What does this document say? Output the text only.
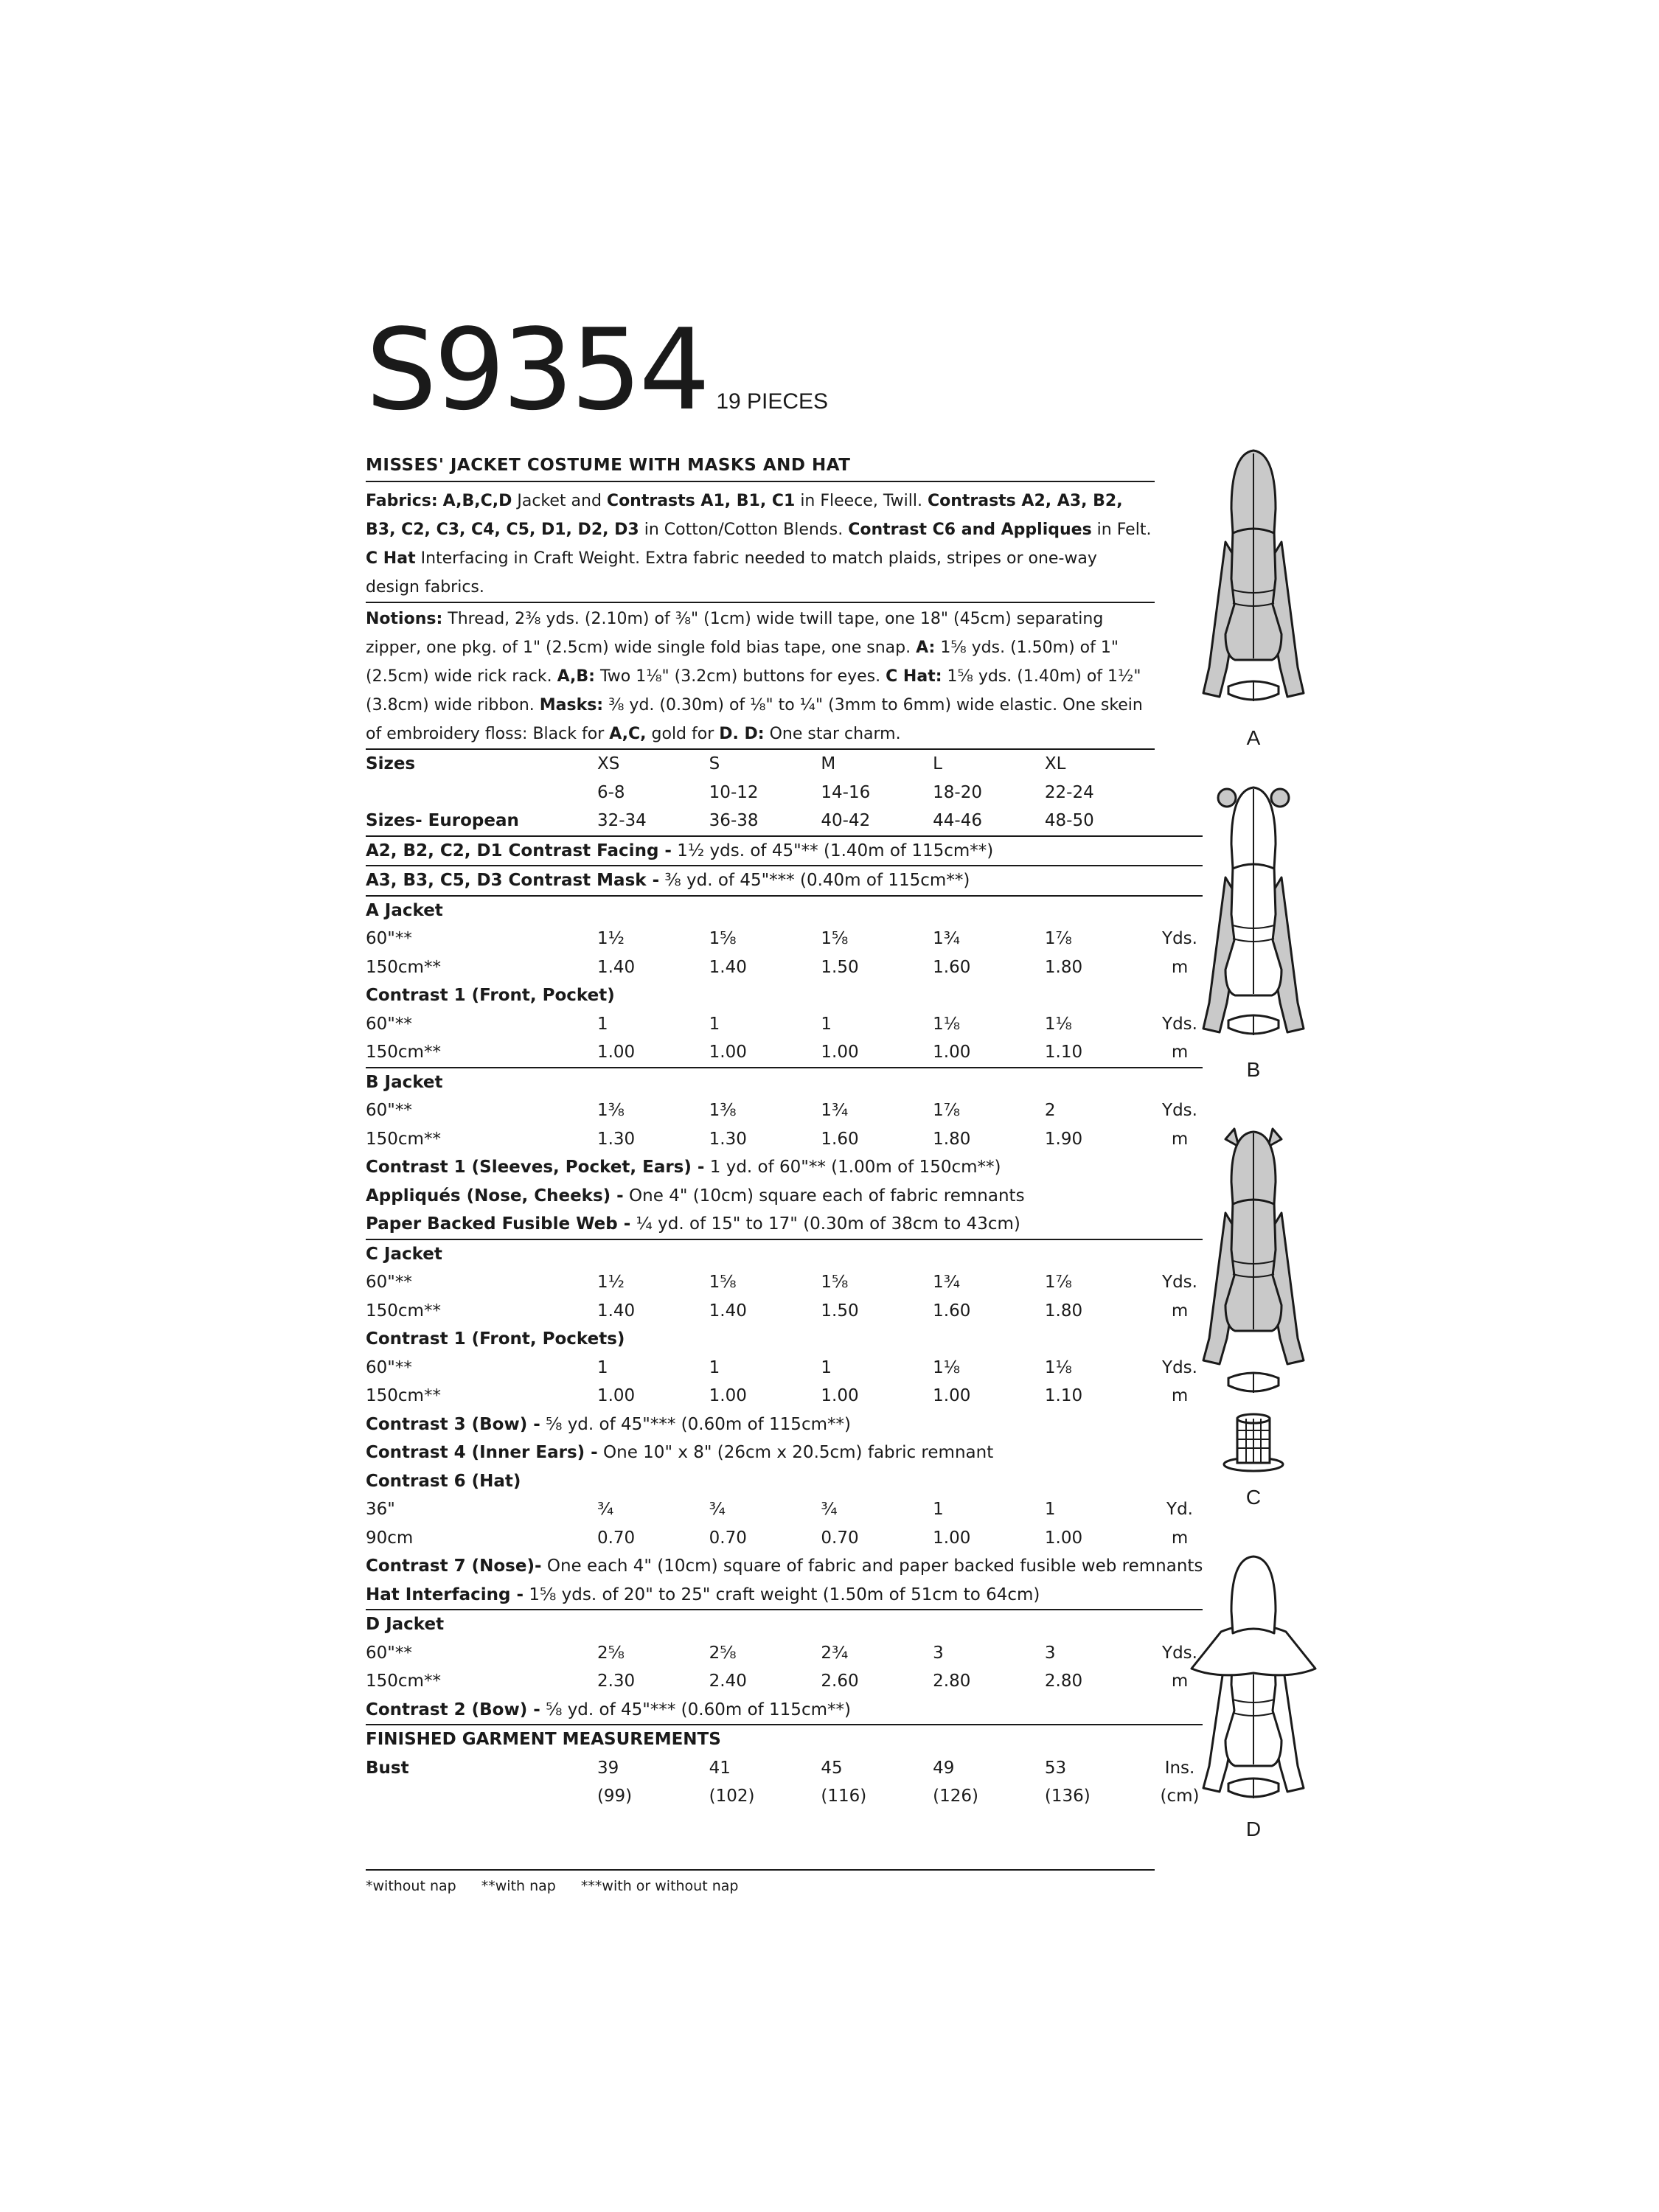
S9354 19 PIECES
MISSES' JACKET COSTUME WITH MASKS AND HAT
Fabrics: A,B,C,D Jacket and Contrasts A1, B1, C1 in Fleece, Twill. Contrasts A2, A3, B2, B3, C2, C3, C4, C5, D1, D2, D3 in Cotton/Cotton Blends. Contrast C6 and Appliques in Felt. C Hat Interfacing in Craft Weight. Extra fabric needed to match plaids, stripes or one-way design fabrics.
Notions: Thread, 2⅜ yds. (2.10m) of ⅜" (1cm) wide twill tape, one 18" (45cm) separating zipper, one pkg. of 1" (2.5cm) wide single fold bias tape, one snap. A: 1⅝ yds. (1.50m) of 1" (2.5cm) wide rick rack. A,B: Two 1⅛" (3.2cm) buttons for eyes. C Hat: 1⅝ yds. (1.40m) of 1½" (3.8cm) wide ribbon. Masks: ⅜ yd. (0.30m) of ⅛" to ¼" (3mm to 6mm) wide elastic. One skein of embroidery floss: Black for A,C, gold for D. D: One star charm.
Sizes	XS	S	M	L	XL	
	6-8	10-12	14-16	18-20	22-24	
Sizes- European	32-34	36-38	40-42	44-46	48-50	
A2, B2, C2, D1 Contrast Facing - 1½ yds. of 45"** (1.40m of 115cm**)						
A3, B3, C5, D3 Contrast Mask - ⅜ yd. of 45"*** (0.40m of 115cm**)						
A Jacket						
60"**	1½	1⅝	1⅝	1¾	1⅞	Yds.
150cm**	1.40	1.40	1.50	1.60	1.80	m
Contrast 1 (Front, Pocket)						
60"**	1	1	1	1⅛	1⅛	Yds.
150cm**	1.00	1.00	1.00	1.00	1.10	m
B Jacket						
60"**	1⅜	1⅜	1¾	1⅞	2	Yds.
150cm**	1.30	1.30	1.60	1.80	1.90	m
Contrast 1 (Sleeves, Pocket, Ears) - 1 yd. of 60"** (1.00m of 150cm**)						
Appliqués (Nose, Cheeks) - One 4" (10cm) square each of fabric remnants						
Paper Backed Fusible Web - ¼ yd. of 15" to 17" (0.30m of 38cm to 43cm)						
C Jacket						
60"**	1½	1⅝	1⅝	1¾	1⅞	Yds.
150cm**	1.40	1.40	1.50	1.60	1.80	m
Contrast 1 (Front, Pockets)						
60"**	1	1	1	1⅛	1⅛	Yds.
150cm**	1.00	1.00	1.00	1.00	1.10	m
Contrast 3 (Bow) - ⅝ yd. of 45"*** (0.60m of 115cm**)						
Contrast 4 (Inner Ears) - One 10" x 8" (26cm x 20.5cm) fabric remnant						
Contrast 6 (Hat)						
36"	¾	¾	¾	1	1	Yd.
90cm	0.70	0.70	0.70	1.00	1.00	m
Contrast 7 (Nose)- One each 4" (10cm) square of fabric and paper backed fusible web remnants						
Hat Interfacing - 1⅝ yds. of 20" to 25" craft weight (1.50m of 51cm to 64cm)						
D Jacket						
60"**	2⅝	2⅝	2¾	3	3	Yds.
150cm**	2.30	2.40	2.60	2.80	2.80	m
Contrast 2 (Bow) - ⅝ yd. of 45"*** (0.60m of 115cm**)						
FINISHED GARMENT MEASUREMENTS						
Bust	39	41	45	49	53	Ins.
	(99)	(102)	(116)	(126)	(136)	(cm)
*without nap **with nap ***with or without nap
A
B
C
D
